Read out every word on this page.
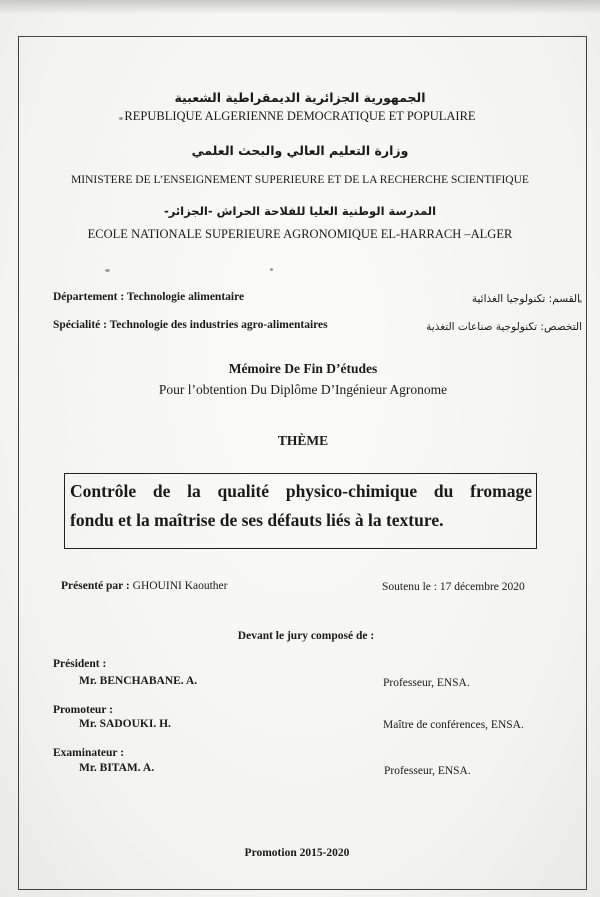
الجمهورية الجزائرية الديمقراطية الشعبية
REPUBLIQUE ALGERIENNE DEMOCRATIQUE ET POPULAIRE
وزارة التعليم العالي والبحث العلمي
MINISTERE DE L’ENSEIGNEMENT SUPERIEURE ET DE LA RECHERCHE SCIENTIFIQUE
المدرسة الوطنية العليا للفلاحة الحراش -الجزائر-
ECOLE NATIONALE SUPERIEURE AGRONOMIQUE EL-HARRACH –ALGER
Département : Technologie alimentaire	القسم: تكنولوجيا الغذائية
Spécialité : Technologie des industries agro-alimentaires	التخصص: تكنولوجية صناعات التغذية
Mémoire De Fin D’études
Pour l’obtention Du Diplôme D’Ingénieur Agronome
THÈME
Contrôle de la qualité physico-chimique du fromage
fondu et la maîtrise de ses défauts liés à la texture.
Présenté par : GHOUINI Kaouther	Soutenu le : 17 décembre 2020
Devant le jury composé de :
Président :
Mr. BENCHABANE. A.	Professeur, ENSA.
Promoteur :
Mr. SADOUKI. H.	Maître de conférences, ENSA.
Examinateur :
Mr. BITAM. A.	Professeur, ENSA.
Promotion 2015-2020
